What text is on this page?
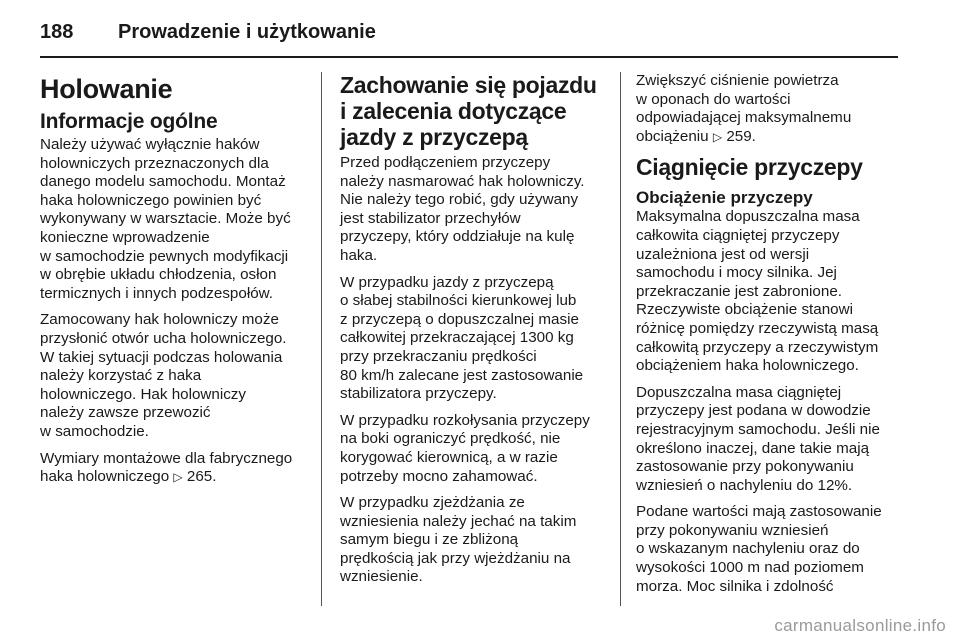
188	Prowadzenie i użytkowanie
Holowanie
Informacje ogólne

Należy używać wyłącznie haków
holowniczych przeznaczonych dla
danego modelu samochodu. Montaż
haka holowniczego powinien być
wykonywany w warsztacie. Może być
konieczne wprowadzenie
w samochodzie pewnych modyfikacji
w obrębie układu chłodzenia, osłon
termicznych i innych podzespołów.

Zamocowany hak holowniczy może
przysłonić otwór ucha holowniczego.
W takiej sytuacji podczas holowania
należy korzystać z haka
holowniczego. Hak holowniczy
należy zawsze przewozić
w samochodzie.

Wymiary montażowe dla fabrycznego
haka holowniczego ▷ 265.

Zachowanie się pojazdu
i zalecenia dotyczące
jazdy z przyczepą

Przed podłączeniem przyczepy
należy nasmarować hak holowniczy.
Nie należy tego robić, gdy używany
jest stabilizator przechyłów
przyczepy, który oddziałuje na kulę
haka.

W przypadku jazdy z przyczepą
o słabej stabilności kierunkowej lub
z przyczepą o dopuszczalnej masie
całkowitej przekraczającej 1300 kg
przy przekraczaniu prędkości
80 km/h zalecane jest zastosowanie
stabilizatora przyczepy.

W przypadku rozkołysania przyczepy
na boki ograniczyć prędkość, nie
korygować kierownicą, a w razie
potrzeby mocno zahamować.

W przypadku zjeżdżania ze
wzniesienia należy jechać na takim
samym biegu i ze zbliżoną
prędkością jak przy wjeżdżaniu na
wzniesienie.

Zwiększyć ciśnienie powietrza
w oponach do wartości
odpowiadającej maksymalnemu
obciążeniu ▷ 259.

Ciągnięcie przyczepy
Obciążenie przyczepy

Maksymalna dopuszczalna masa
całkowita ciągniętej przyczepy
uzależniona jest od wersji
samochodu i mocy silnika. Jej
przekraczanie jest zabronione.
Rzeczywiste obciążenie stanowi
różnicę pomiędzy rzeczywistą masą
całkowitą przyczepy a rzeczywistym
obciążeniem haka holowniczego.

Dopuszczalna masa ciągniętej
przyczepy jest podana w dowodzie
rejestracyjnym samochodu. Jeśli nie
określono inaczej, dane takie mają
zastosowanie przy pokonywaniu
wzniesień o nachyleniu do 12%.

Podane wartości mają zastosowanie
przy pokonywaniu wzniesień
o wskazanym nachyleniu oraz do
wysokości 1000 m nad poziomem
morza. Moc silnika i zdolność

carmanualsonline.info
